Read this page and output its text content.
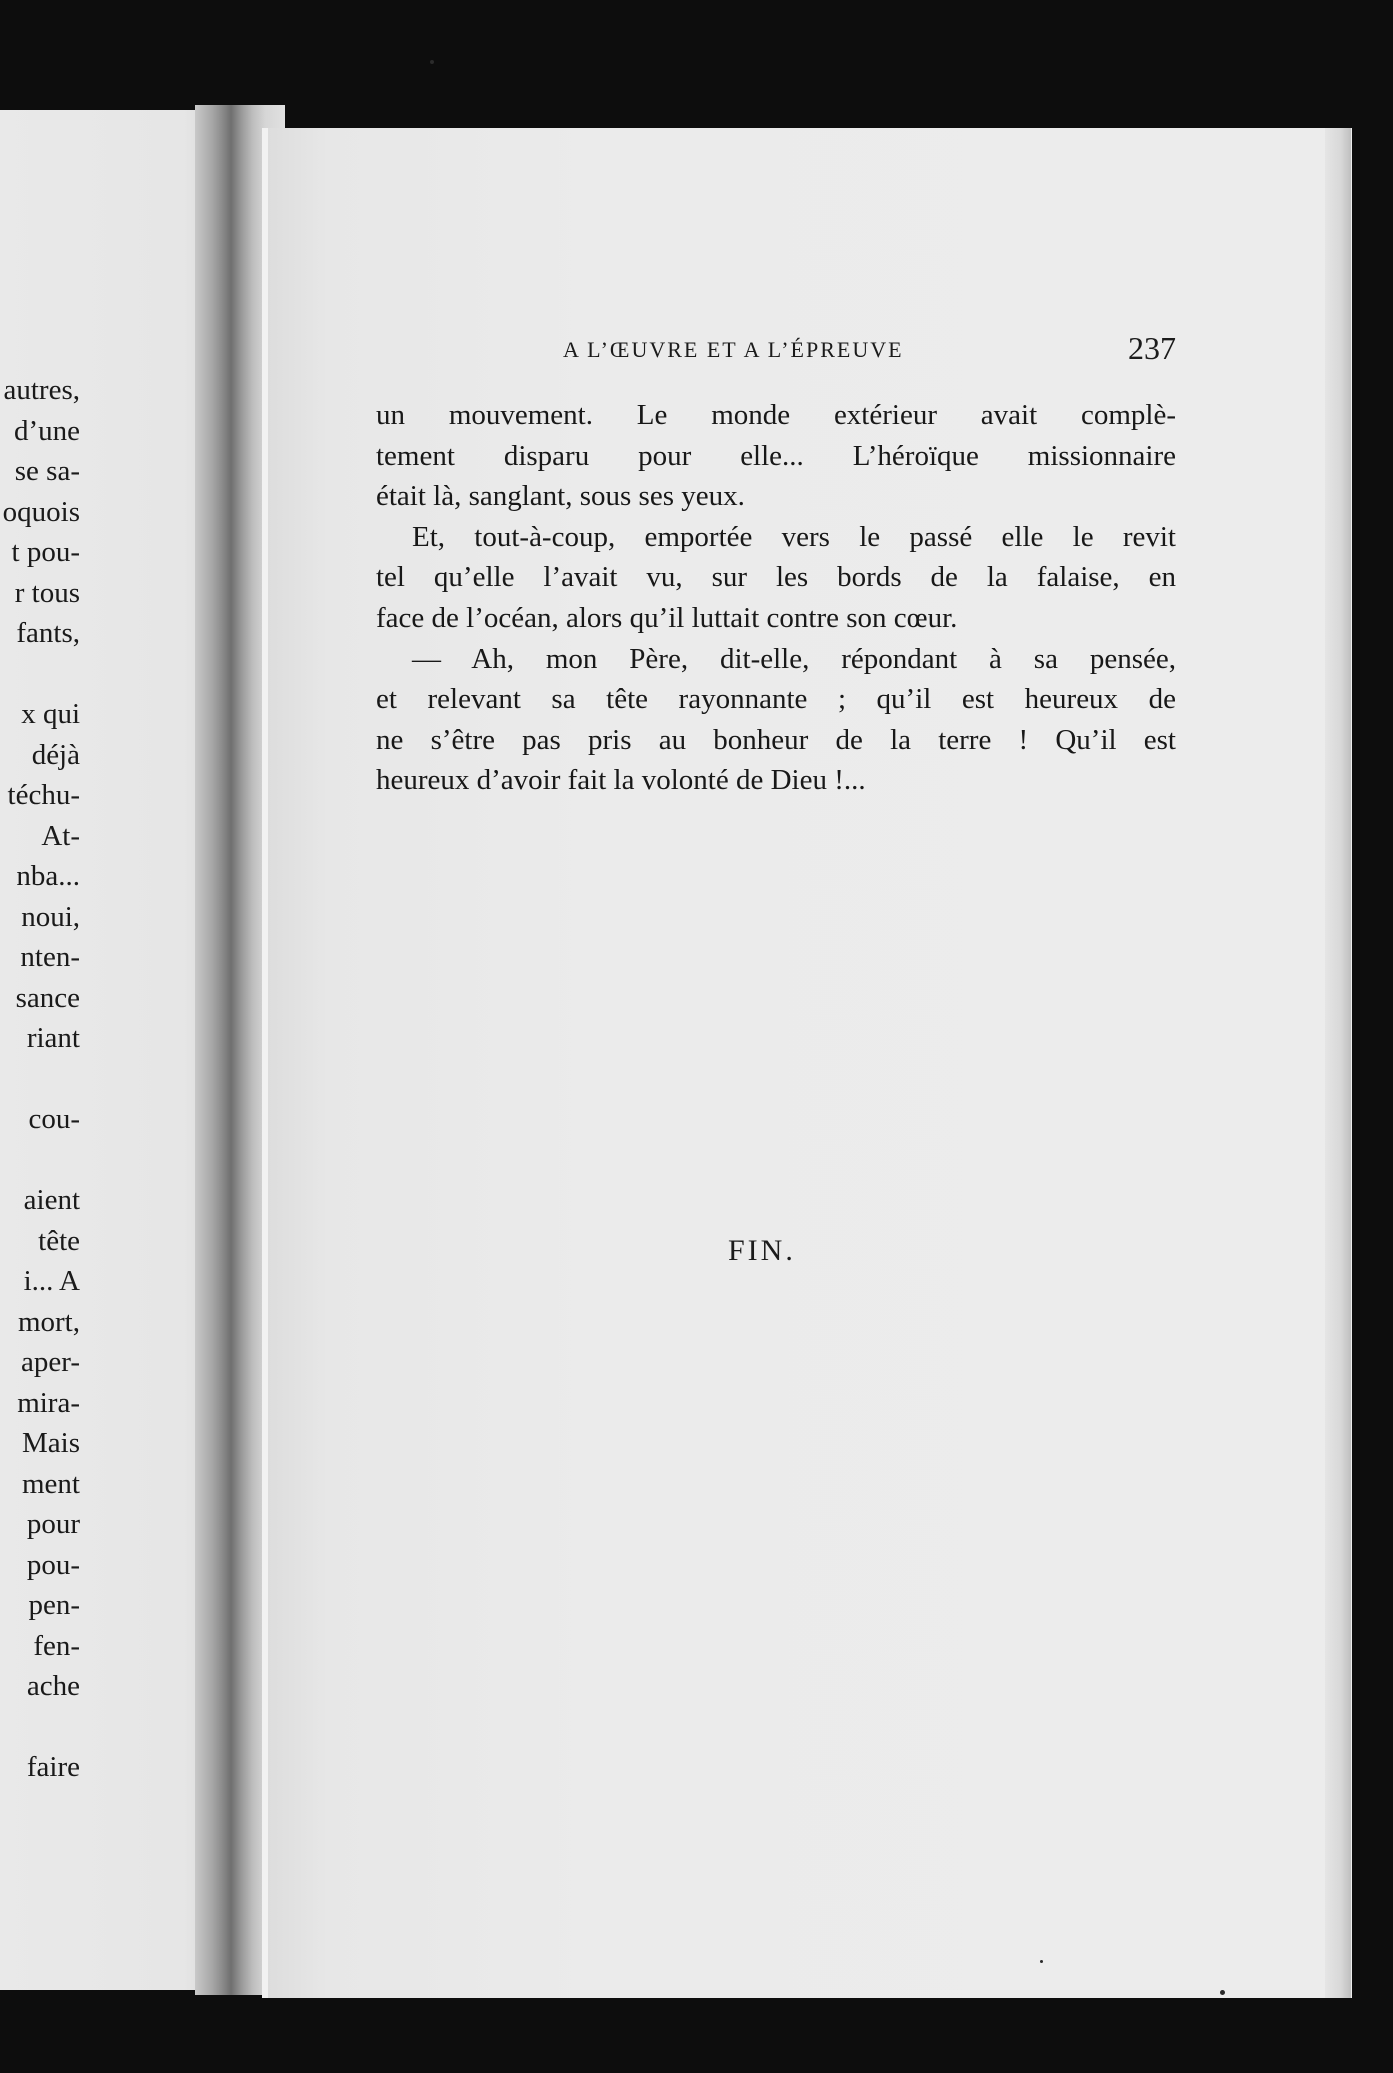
autres,
d’une
se sa-
oquois
t pou-
r tous
fants,
x qui
déjà
téchu-
At-
nba...
noui,
nten-
sance
riant
cou-
aient
tête
i... A
mort,
aper-
mira-
Mais
ment
pour
pou-
pen-
fen-
ache
faire
A L’ŒUVRE ET A L’ÉPREUVE	237
un mouvement. Le monde extérieur avait complè-
tement disparu pour elle... L’héroïque missionnaire
était là, sanglant, sous ses yeux.
Et, tout-à-coup, emportée vers le passé elle le revit
tel qu’elle l’avait vu, sur les bords de la falaise, en
face de l’océan, alors qu’il luttait contre son cœur.
— Ah, mon Père, dit-elle, répondant à sa pensée,
et relevant sa tête rayonnante ; qu’il est heureux de
ne s’être pas pris au bonheur de la terre ! Qu’il est
heureux d’avoir fait la volonté de Dieu !...
FIN.
